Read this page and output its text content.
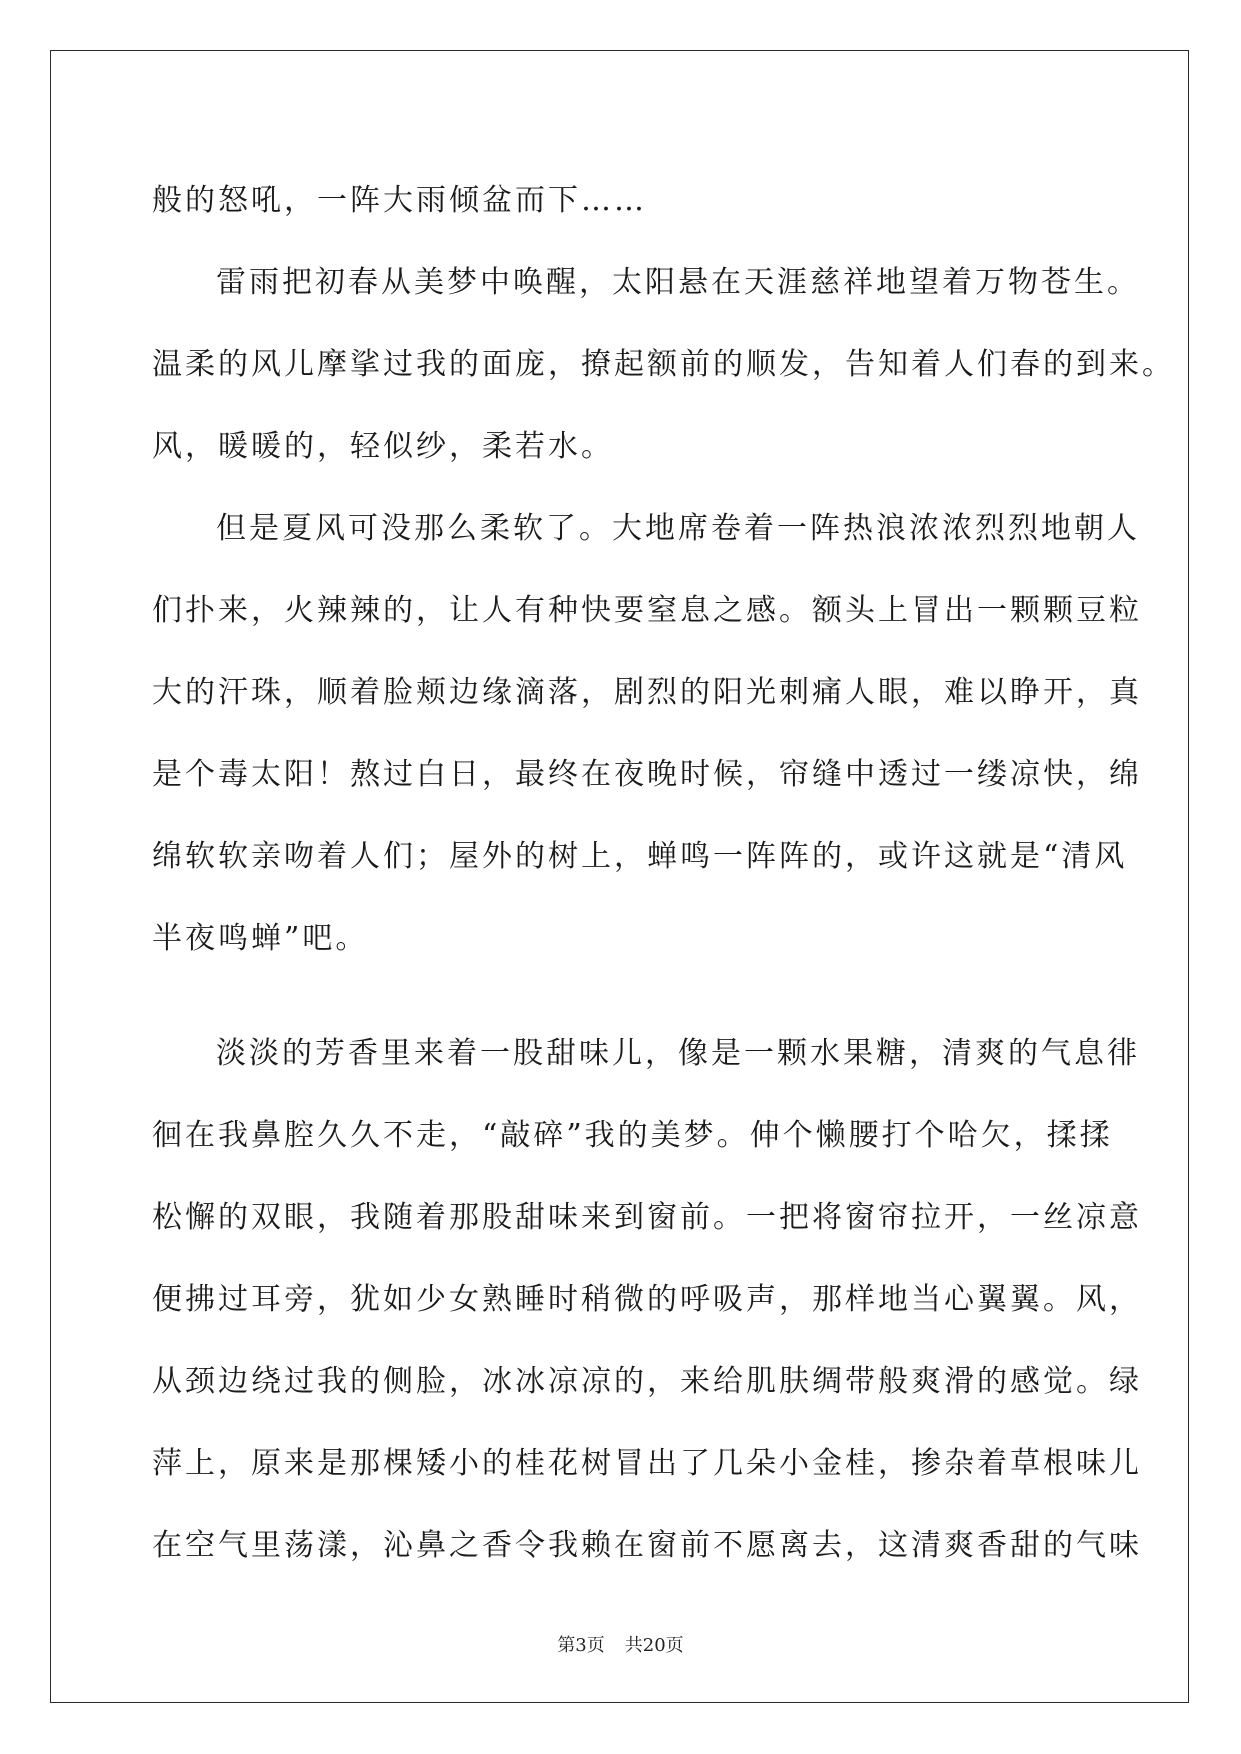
般的怒吼，一阵大雨倾盆而下……

雷雨把初春从美梦中唤醒，太阳悬在天涯慈祥地望着万物苍生。

温柔的风儿摩挲过我的面庞，撩起额前的顺发，告知着人们春的到来。

风，暖暖的，轻似纱，柔若水。

但是夏风可没那么柔软了。大地席卷着一阵热浪浓浓烈烈地朝人

们扑来，火辣辣的，让人有种快要窒息之感。额头上冒出一颗颗豆粒

大的汗珠，顺着脸颊边缘滴落，剧烈的阳光刺痛人眼，难以睁开，真

是个毒太阳！熬过白日，最终在夜晚时候，帘缝中透过一缕凉快，绵

绵软软亲吻着人们；屋外的树上，蝉鸣一阵阵的，或许这就是“清风

半夜鸣蝉”吧。

淡淡的芳香里来着一股甜味儿，像是一颗水果糖，清爽的气息徘

徊在我鼻腔久久不走，“敲碎”我的美梦。伸个懒腰打个哈欠，揉揉

松懈的双眼，我随着那股甜味来到窗前。一把将窗帘拉开，一丝凉意

便拂过耳旁，犹如少女熟睡时稍微的呼吸声，那样地当心翼翼。风，

从颈边绕过我的侧脸，冰冰凉凉的，来给肌肤绸带般爽滑的感觉。绿

萍上，原来是那棵矮小的桂花树冒出了几朵小金桂，掺杂着草根味儿

在空气里荡漾，沁鼻之香令我赖在窗前不愿离去，这清爽香甜的气味

第3页 共20页
